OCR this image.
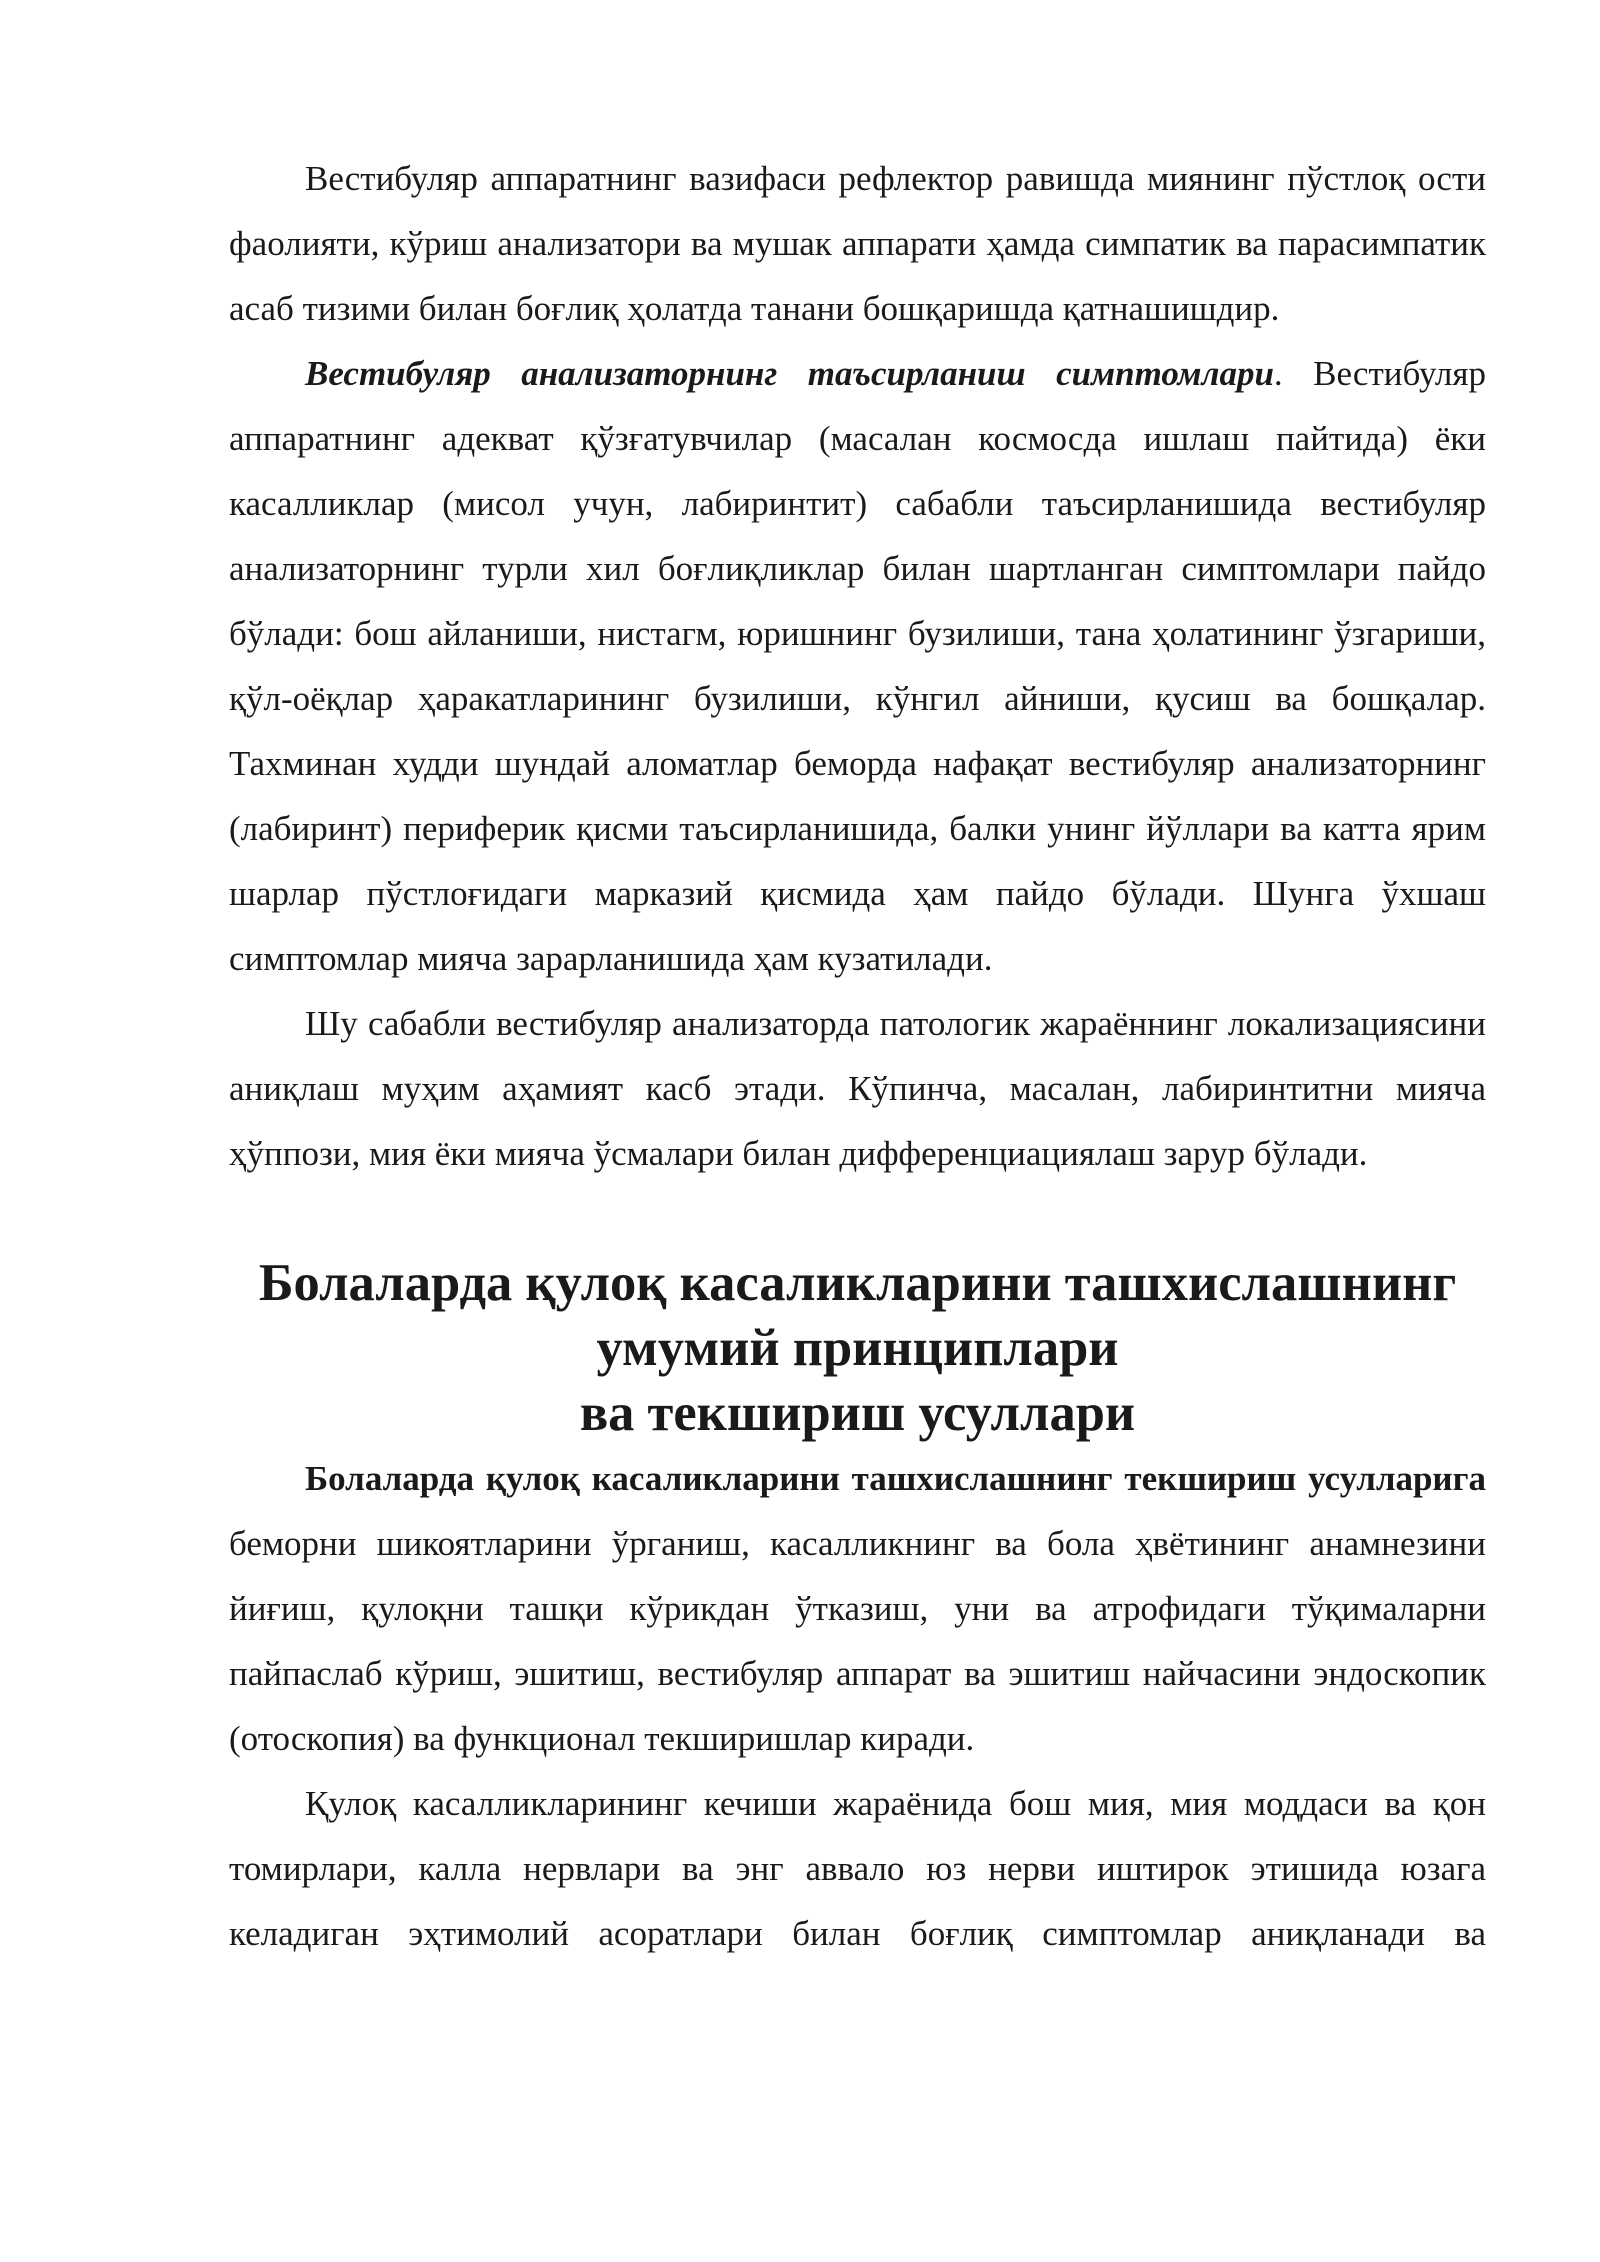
Вестибуляр аппаратнинг вазифаси рефлектор равишда миянинг пўстлоқ ости фаолияти, кўриш анализатори ва мушак аппарати ҳамда симпатик ва парасимпатик асаб тизими билан боғлиқ ҳолатда танани бошқаришда қатнашишдир.

Вестибуляр анализаторнинг таъсирланиш симптомлари. Вестибуляр аппаратнинг адекват қўзғатувчилар (масалан космосда ишлаш пайтида) ёки касалликлар (мисол учун, лабиринтит) сабабли таъсирланишида вестибуляр анализаторнинг турли хил боғлиқликлар билан шартланган симптомлари пайдо бўлади: бош айланиши, нистагм, юришнинг бузилиши, тана ҳолатининг ўзгариши, қўл-оёқлар ҳаракатларининг бузилиши, кўнгил айниши, қусиш ва бошқалар. Тахминан худди шундай аломатлар беморда нафақат вестибуляр анализаторнинг (лабиринт) периферик қисми таъсирланишида, балки унинг йўллари ва катта ярим шарлар пўстлоғидаги марказий қисмида ҳам пайдо бўлади. Шунга ўхшаш симптомлар мияча зарарланишида ҳам кузатилади.

Шу сабабли вестибуляр анализаторда патологик жараённинг локализациясини аниқлаш муҳим аҳамият касб этади. Кўпинча, масалан, лабиринтитни мияча ҳўппози, мия ёки мияча ўсмалари билан дифференциациялаш зарур бўлади.

Болаларда қулоқ касаликларини ташхислашнинг умумий принциплари
ва текшириш усуллари

Болаларда қулоқ касаликларини ташхислашнинг текшириш усулларига беморни шикоятларини ўрганиш, касалликнинг ва бола ҳвётининг анамнезини йиғиш, қулоқни ташқи кўрикдан ўтказиш, уни ва атрофидаги тўқималарни пайпаслаб кўриш, эшитиш, вестибуляр аппарат ва эшитиш найчасини эндоскопик (отоскопия) ва функционал текширишлар киради.

Қулоқ касалликларининг кечиши жараёнида бош мия, мия моддаси ва қон томирлари, калла нервлари ва энг аввало юз нерви иштирок этишида юзага келадиган эҳтимолий асоратлари билан боғлиқ симптомлар аниқланади ва
